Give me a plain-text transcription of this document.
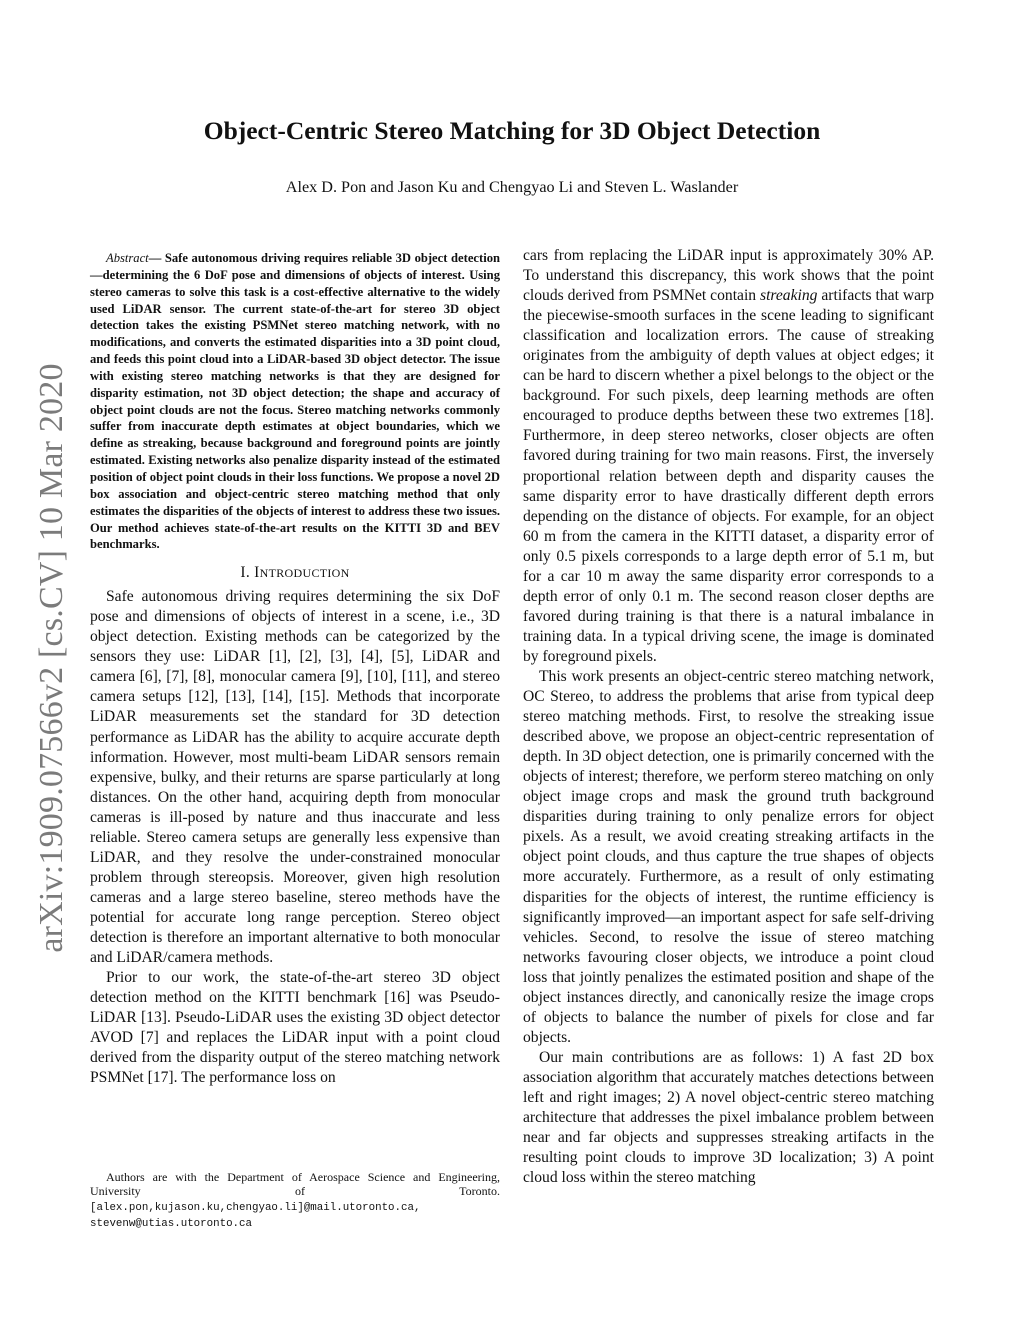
arXiv:1909.07566v2 [cs.CV] 10 Mar 2020
Object-Centric Stereo Matching for 3D Object Detection
Alex D. Pon and Jason Ku and Chengyao Li and Steven L. Waslander

Abstract— Safe autonomous driving requires reliable 3D object detection—determining the 6 DoF pose and dimensions of objects of interest. Using stereo cameras to solve this task is a cost-effective alternative to the widely used LiDAR sensor. The current state-of-the-art for stereo 3D object detection takes the existing PSMNet stereo matching network, with no modifications, and converts the estimated disparities into a 3D point cloud, and feeds this point cloud into a LiDAR-based 3D object detector. The issue with existing stereo matching networks is that they are designed for disparity estimation, not 3D object detection; the shape and accuracy of object point clouds are not the focus. Stereo matching networks commonly suffer from inaccurate depth estimates at object boundaries, which we define as streaking, because background and foreground points are jointly estimated. Existing networks also penalize disparity instead of the estimated position of object point clouds in their loss functions. We propose a novel 2D box association and object-centric stereo matching method that only estimates the disparities of the objects of interest to address these two issues. Our method achieves state-of-the-art results on the KITTI 3D and BEV benchmarks.

I. INTRODUCTION

Safe autonomous driving requires determining the six DoF pose and dimensions of objects of interest in a scene, i.e., 3D object detection. Existing methods can be categorized by the sensors they use: LiDAR [1], [2], [3], [4], [5], LiDAR and camera [6], [7], [8], monocular camera [9], [10], [11], and stereo camera setups [12], [13], [14], [15]. Methods that incorporate LiDAR measurements set the standard for 3D detection performance as LiDAR has the ability to acquire accurate depth information. However, most multi-beam LiDAR sensors remain expensive, bulky, and their returns are sparse particularly at long distances. On the other hand, acquiring depth from monocular cameras is ill-posed by nature and thus inaccurate and less reliable. Stereo camera setups are generally less expensive than LiDAR, and they resolve the under-constrained monocular problem through stereopsis. Moreover, given high resolution cameras and a large stereo baseline, stereo methods have the potential for accurate long range perception. Stereo object detection is therefore an important alternative to both monocular and LiDAR/camera methods.

Prior to our work, the state-of-the-art stereo 3D object detection method on the KITTI benchmark [16] was Pseudo-LiDAR [13]. Pseudo-LiDAR uses the existing 3D object detector AVOD [7] and replaces the LiDAR input with a point cloud derived from the disparity output of the stereo matching network PSMNet [17]. The performance loss on

Authors are with the Department of Aerospace Science and Engineering, University of Toronto. [alex.pon,kujason.ku,chengyao.li]@mail.utoronto.ca, stevenw@utias.utoronto.ca

cars from replacing the LiDAR input is approximately 30% AP. To understand this discrepancy, this work shows that the point clouds derived from PSMNet contain streaking artifacts that warp the piecewise-smooth surfaces in the scene leading to significant classification and localization errors. The cause of streaking originates from the ambiguity of depth values at object edges; it can be hard to discern whether a pixel belongs to the object or the background. For such pixels, deep learning methods are often encouraged to produce depths between these two extremes [18]. Furthermore, in deep stereo networks, closer objects are often favored during training for two main reasons. First, the inversely proportional relation between depth and disparity causes the same disparity error to have drastically different depth errors depending on the distance of objects. For example, for an object 60 m from the camera in the KITTI dataset, a disparity error of only 0.5 pixels corresponds to a large depth error of 5.1 m, but for a car 10 m away the same disparity error corresponds to a depth error of only 0.1 m. The second reason closer depths are favored during training is that there is a natural imbalance in training data. In a typical driving scene, the image is dominated by foreground pixels.

This work presents an object-centric stereo matching network, OC Stereo, to address the problems that arise from typical deep stereo matching methods. First, to resolve the streaking issue described above, we propose an object-centric representation of depth. In 3D object detection, one is primarily concerned with the objects of interest; therefore, we perform stereo matching on only object image crops and mask the ground truth background disparities during training to only penalize errors for object pixels. As a result, we avoid creating streaking artifacts in the object point clouds, and thus capture the true shapes of objects more accurately. Furthermore, as a result of only estimating disparities for the objects of interest, the runtime efficiency is significantly improved—an important aspect for safe self-driving vehicles. Second, to resolve the issue of stereo matching networks favouring closer objects, we introduce a point cloud loss that jointly penalizes the estimated position and shape of the object instances directly, and canonically resize the image crops of objects to balance the number of pixels for close and far objects.

Our main contributions are as follows: 1) A fast 2D box association algorithm that accurately matches detections between left and right images; 2) A novel object-centric stereo matching architecture that addresses the pixel imbalance problem between near and far objects and suppresses streaking artifacts in the resulting point clouds to improve 3D localization; 3) A point cloud loss within the stereo matching
